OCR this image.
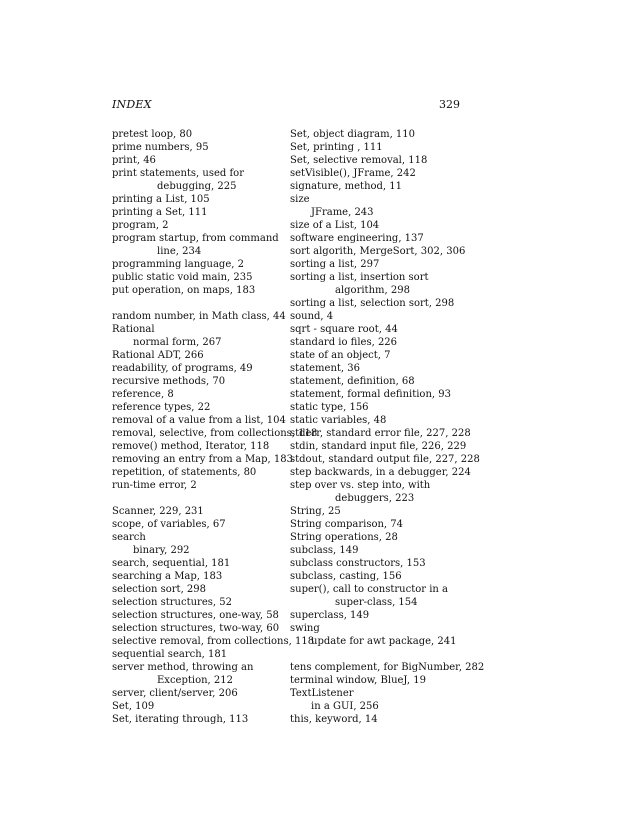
INDEX	329
pretest loop, 80
prime numbers, 95
print, 46
print statements, used for debugging, 225
printing a List, 105
printing a Set, 111
program, 2
program startup, from command line, 234
programming language, 2
public static void main, 235
put operation, on maps, 183
random number, in Math class, 44
Rational
normal form, 267
Rational ADT, 266
readability, of programs, 49
recursive methods, 70
reference, 8
reference types, 22
removal of a value from a list, 104
removal, selective, from collections, 118
remove() method, Iterator, 118
removing an entry from a Map, 183
repetition, of statements, 80
run-time error, 2
Scanner, 229, 231
scope, of variables, 67
search
binary, 292
search, sequential, 181
searching a Map, 183
selection sort, 298
selection structures, 52
selection structures, one-way, 58
selection structures, two-way, 60
selective removal, from collections, 118
sequential search, 181
server method, throwing an Exception, 212
server, client/server, 206
Set, 109
Set, iterating through, 113
Set, object diagram, 110
Set, printing , 111
Set, selective removal, 118
setVisible(), JFrame, 242
signature, method, 11
size
JFrame, 243
size of a List, 104
software engineering, 137
sort algorith, MergeSort, 302, 306
sorting a list, 297
sorting a list, insertion sort algorithm, 298
sorting a list, selection sort, 298
sound, 4
sqrt - square root, 44
standard io files, 226
state of an object, 7
statement, 36
statement, definition, 68
statement, formal definition, 93
static type, 156
static variables, 48
stderr, standard error file, 227, 228
stdin, standard input file, 226, 229
stdout, standard output file, 227, 228
step backwards, in a debugger, 224
step over vs. step into, with debuggers, 223
String, 25
String comparison, 74
String operations, 28
subclass, 149
subclass constructors, 153
subclass, casting, 156
super(), call to constructor in a super-class, 154
superclass, 149
swing
update for awt package, 241
tens complement, for BigNumber, 282
terminal window, BlueJ, 19
TextListener
in a GUI, 256
this, keyword, 14
